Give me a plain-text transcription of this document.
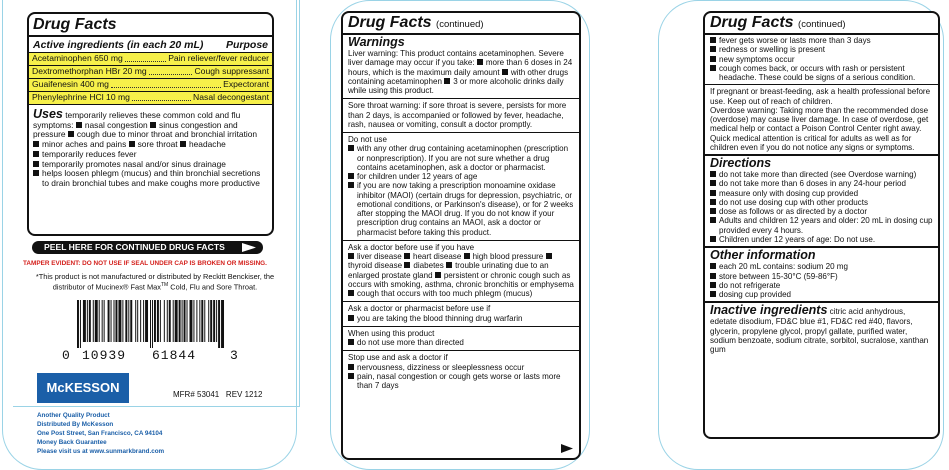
Drug Facts
Active ingredients (in each 20 mL) Purpose
Acetaminophen 650 mg	Pain reliever/fever reducer
Dextromethorphan HBr 20 mg	Cough suppressant
Guaifenesin 400 mg	Expectorant
Phenylephrine HCl 10 mg	Nasal decongestant
Uses temporarily relieves these common cold and flu symptoms: nasal congestion sinus congestion and pressure cough due to minor throat and bronchial irritation
minor aches and pains sore throat headache
temporarily reduces fever
temporarily promotes nasal and/or sinus drainage
helps loosen phlegm (mucus) and thin bronchial secretions to drain bronchial tubes and make coughs more productive
PEEL HERE FOR CONTINUED DRUG FACTS
TAMPER EVIDENT: DO NOT USE IF SEAL UNDER CAP IS BROKEN OR MISSING.
*This product is not manufactured or distributed by Reckitt Benckiser, the distributor of Mucinex® Fast Max™ Cold, Flu and Sore Throat.
0 10939 61844	3
McKESSON	MFR# 53041 REV 1212
Another Quality Product
Distributed By McKesson
One Post Street, San Francisco, CA 94104
Money Back Guarantee
Please visit us at www.sunmarkbrand.com
Drug Facts (continued)
Warnings
Liver warning: This product contains acetaminophen. Severe liver damage may occur if you take: more than 6 doses in 24 hours, which is the maximum daily amount with other drugs containing acetaminophen 3 or more alcoholic drinks daily while using this product.
Sore throat warning: if sore throat is severe, persists for more than 2 days, is accompanied or followed by fever, headache, rash, nausea or vomiting, consult a doctor promptly.
Do not use
with any other drug containing acetaminophen (prescription or nonprescription). If you are not sure whether a drug contains acetaminophen, ask a doctor or pharmacist.
for children under 12 years of age
if you are now taking a prescription monoamine oxidase inhibitor (MAOI) (certain drugs for depression, psychiatric, or emotional conditions, or Parkinson's disease), or for 2 weeks after stopping the MAOI drug. If you do not know if your prescription drug contains an MAOI, ask a doctor or pharmacist before taking this product.
Ask a doctor before use if you have
liver disease heart disease high blood pressure thyroid disease diabetes trouble urinating due to an enlarged prostate gland persistent or chronic cough such as occurs with smoking, asthma, chronic bronchitis or emphysema cough that occurs with too much phlegm (mucus)
Ask a doctor or pharmacist before use if
you are taking the blood thinning drug warfarin
When using this product
do not use more than directed
Stop use and ask a doctor if
nervousness, dizziness or sleeplessness occur
pain, nasal congestion or cough gets worse or lasts more than 7 days
Drug Facts (continued)
fever gets worse or lasts more than 3 days
redness or swelling is present
new symptoms occur
cough comes back, or occurs with rash or persistent headache. These could be signs of a serious condition.
If pregnant or breast-feeding, ask a health professional before use. Keep out of reach of children.
Overdose warning: Taking more than the recommended dose (overdose) may cause liver damage. In case of overdose, get medical help or contact a Poison Control Center right away. Quick medical attention is critical for adults as well as for children even if you do not notice any signs or symptoms.
Directions
do not take more than directed (see Overdose warning)
do not take more than 6 doses in any 24-hour period
measure only with dosing cup provided
do not use dosing cup with other products
dose as follows or as directed by a doctor
Adults and children 12 years and older: 20 mL in dosing cup provided every 4 hours.
Children under 12 years of age: Do not use.
Other information
each 20 mL contains: sodium 20 mg
store between 15-30°C (59-86°F)
do not refrigerate
dosing cup provided
Inactive ingredients citric acid anhydrous, edetate disodium, FD&C blue #1, FD&C red #40, flavors, glycerin, propylene glycol, propyl gallate, purified water, sodium benzoate, sodium citrate, sorbitol, sucralose, xanthan gum
